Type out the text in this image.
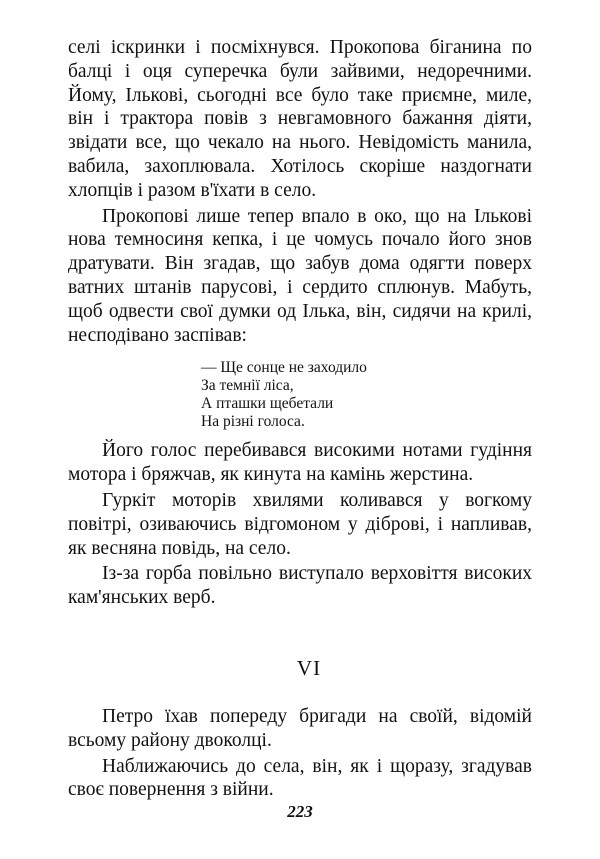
селі іскринки і посміхнувся. Прокопова біганина по балці і оця суперечка були зайвими, недоречними. Йому, Ількові, сьогодні все було таке приємне, миле, він і трактора повів з невгамовного бажання діяти, звідати все, що чекало на нього. Невідомість манила, вабила, захоплювала. Хотілось скоріше наздогнати хлопців і разом в'їхати в село.

Прокопові лише тепер впало в око, що на Ількові нова темносиня кепка, і це чомусь почало його знов дратувати. Він згадав, що забув дома одягти поверх ватних штанів парусові, і сердито сплюнув. Мабуть, щоб одвести свої думки од Ілька, він, сидячи на крилі, несподівано заспівав:

— Ще сонце не заходило
За темнії ліса,
А пташки щебетали
На різні голоса.

Його голос перебивався високими нотами гудіння мотора і бряжчав, як кинута на камінь жерстина.

Гуркіт моторів хвилями коливався у вогкому повітрі, озиваючись відгомоном у діброві, і напливав, як весняна повідь, на село.

Із-за горба повільно виступало верховіття високих кам'янських верб.

VI

Петро їхав попереду бригади на своїй, відомій всьому району двоколці.

Наближаючись до села, він, як і щоразу, згадував своє повернення з війни.

223
